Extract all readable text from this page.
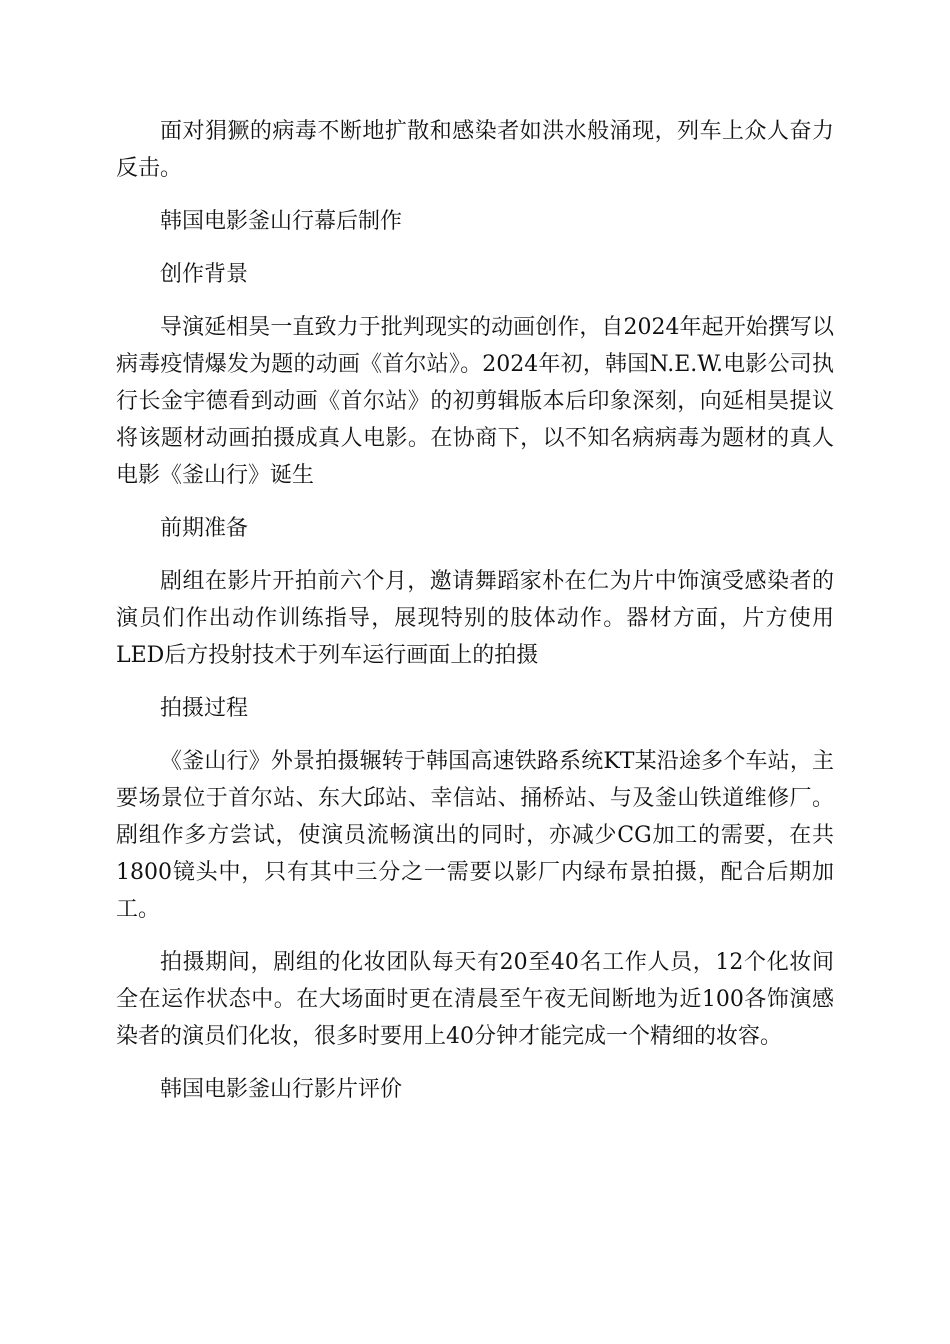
面对狷獗的病毒不断地扩散和感染者如洪水般涌现，列车上众人奋力反击。

韩国电影釜山行幕后制作

创作背景

导演延相昊一直致力于批判现实的动画创作，自2024年起开始撰写以病毒疫情爆发为题的动画《首尔站》。2024年初，韩国N.E.W.电影公司执行长金宇德看到动画《首尔站》的初剪辑版本后印象深刻，向延相昊提议将该题材动画拍摄成真人电影。在协商下，以不知名病病毒为题材的真人电影《釜山行》诞生

前期准备

剧组在影片开拍前六个月，邀请舞蹈家朴在仁为片中饰演受感染者的演员们作出动作训练指导，展现特别的肢体动作。器材方面，片方使用LED后方投射技术于列车运行画面上的拍摄

拍摄过程

《釜山行》外景拍摄辗转于韩国高速铁路系统KT某沿途多个车站，主要场景位于首尔站、东大邱站、幸信站、捅桥站、与及釜山铁道维修厂。剧组作多方尝试，使演员流畅演出的同时，亦减少CG加工的需要，在共1800镜头中，只有其中三分之一需要以影厂内绿布景拍摄，配合后期加工。

拍摄期间，剧组的化妆团队每天有20至40名工作人员，12个化妆间全在运作状态中。在大场面时更在清晨至午夜无间断地为近100各饰演感染者的演员们化妆，很多时要用上40分钟才能完成一个精细的妆容。

韩国电影釜山行影片评价
